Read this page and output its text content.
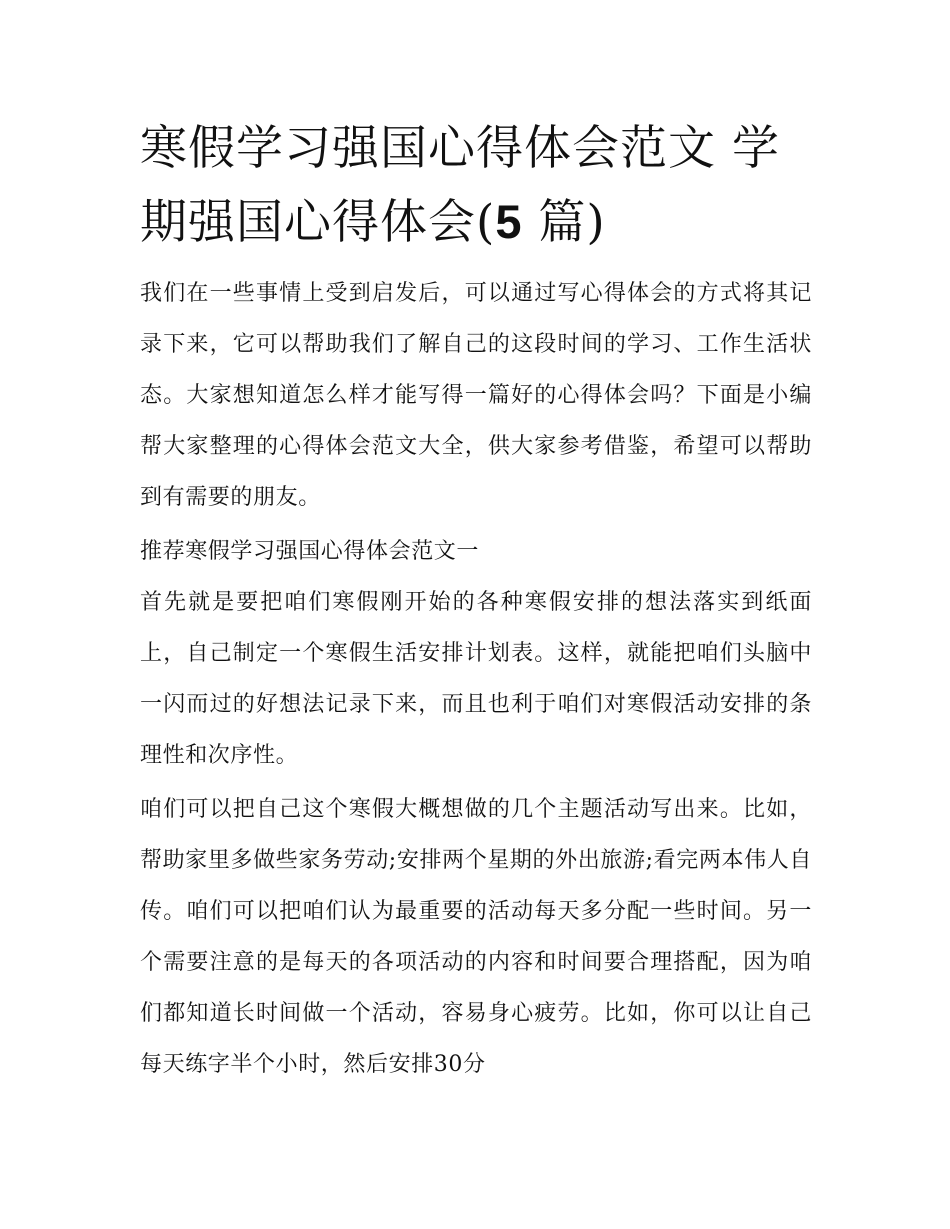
寒假学习强国心得体会范文 学期强国心得体会(5 篇)

我们在一些事情上受到启发后，可以通过写心得体会的方式将其记录下来，它可以帮助我们了解自己的这段时间的学习、工作生活状态。大家想知道怎么样才能写得一篇好的心得体会吗？下面是小编帮大家整理的心得体会范文大全，供大家参考借鉴，希望可以帮助到有需要的朋友。

推荐寒假学习强国心得体会范文一

首先就是要把咱们寒假刚开始的各种寒假安排的想法落实到纸面上，自己制定一个寒假生活安排计划表。这样，就能把咱们头脑中一闪而过的好想法记录下来，而且也利于咱们对寒假活动安排的条理性和次序性。

咱们可以把自己这个寒假大概想做的几个主题活动写出来。比如，帮助家里多做些家务劳动;安排两个星期的外出旅游;看完两本伟人自传。咱们可以把咱们认为最重要的活动每天多分配一些时间。另一个需要注意的是每天的各项活动的内容和时间要合理搭配，因为咱们都知道长时间做一个活动，容易身心疲劳。比如，你可以让自己每天练字半个小时，然后安排30分
